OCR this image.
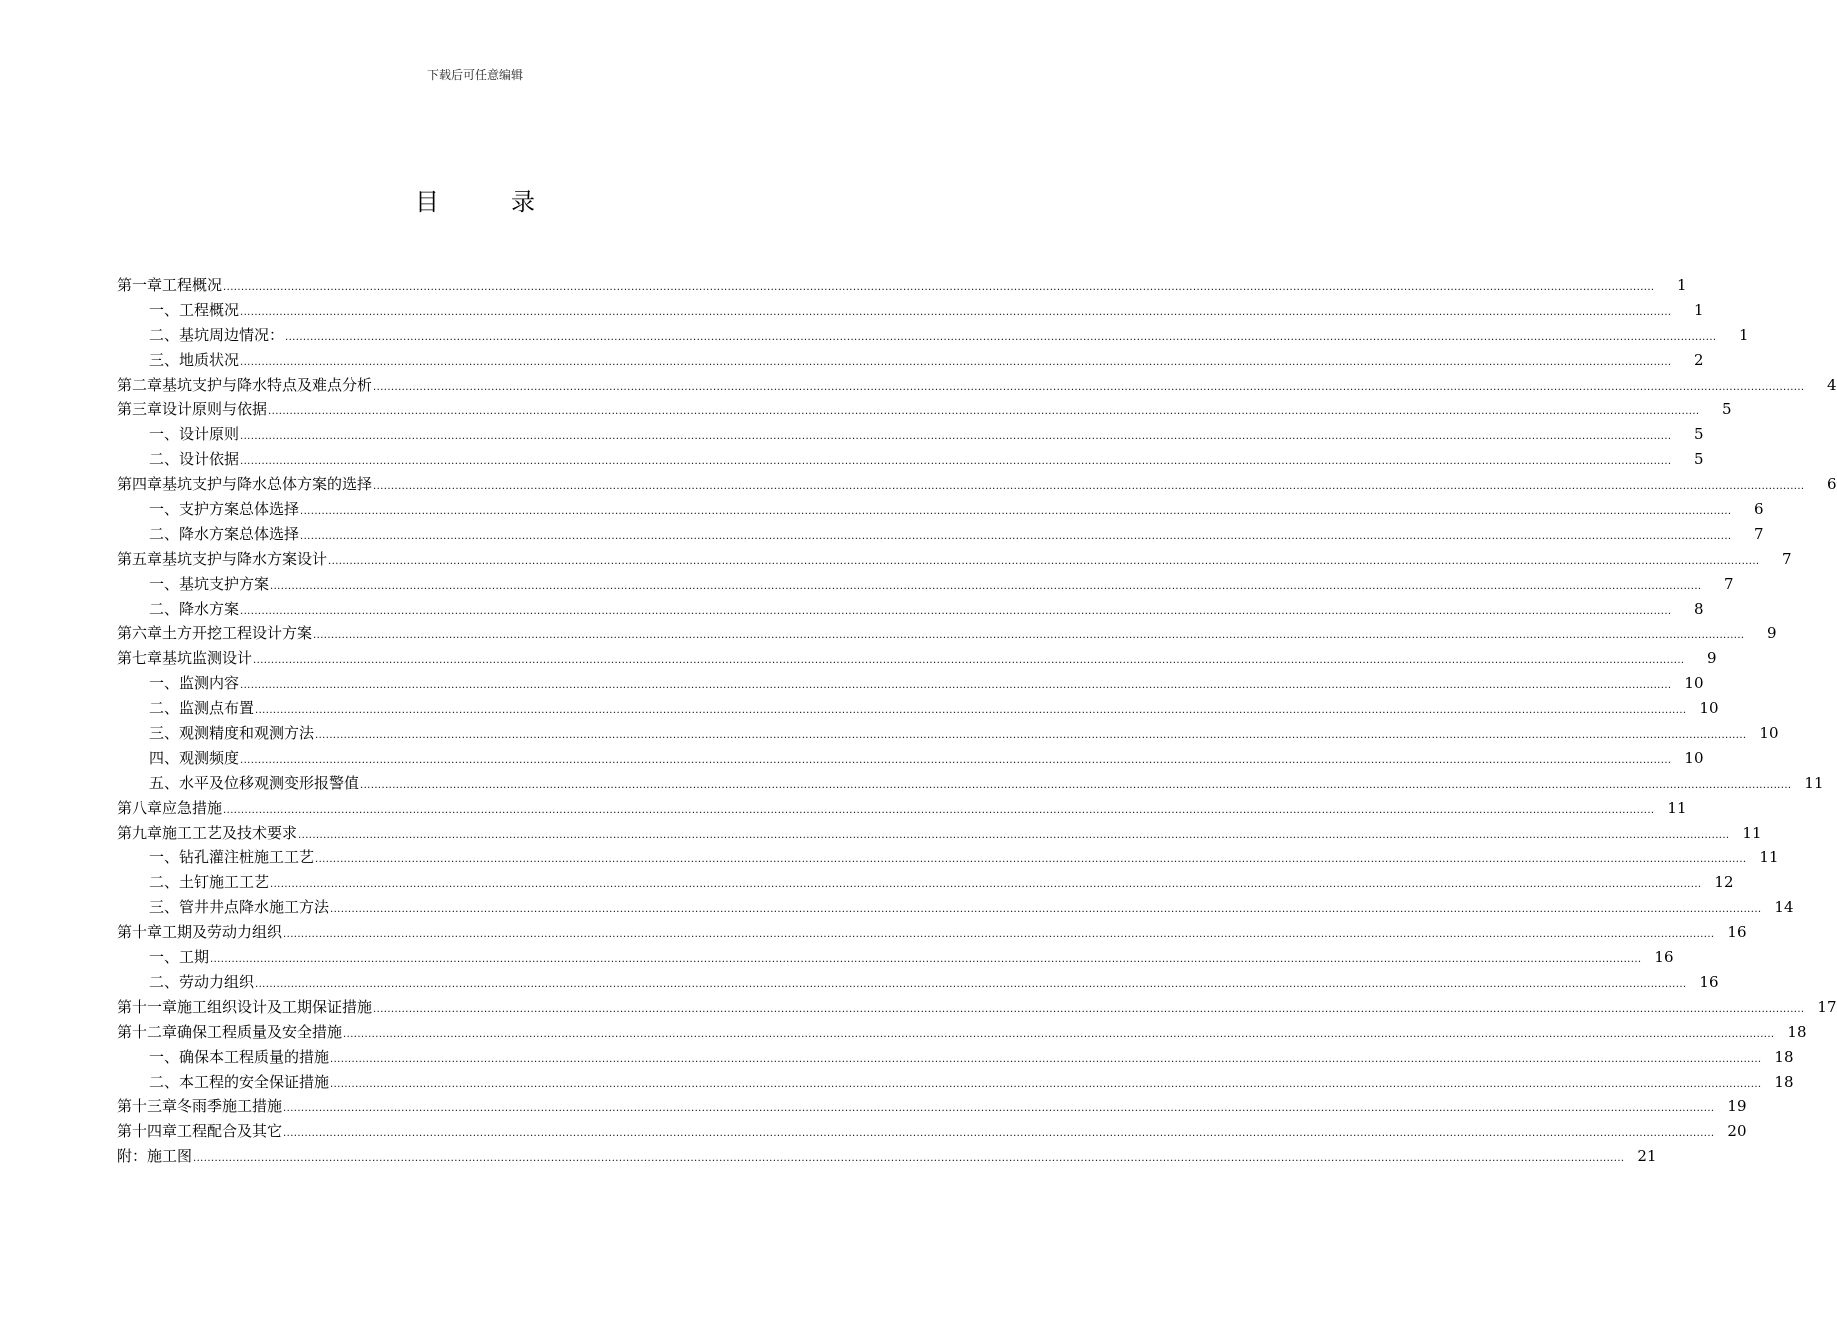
下载后可任意编辑
目	录
第一章 工程概况 ................................................................................................................................................................................................................................................................................................................................................................................................................	1
一、工程概况 ................................................................................................................................................................................................................................................................................................................................................................................................................	1
二、基坑周边情况： ................................................................................................................................................................................................................................................................................................................................................................................................................	1
三、地质状况 ................................................................................................................................................................................................................................................................................................................................................................................................................	2
第二章 基坑支护与降水特点及难点分析 ................................................................................................................................................................................................................................................................................................................................................................................................................	4
第三章 设计原则与依据 ................................................................................................................................................................................................................................................................................................................................................................................................................	5
一、设计原则 ................................................................................................................................................................................................................................................................................................................................................................................................................	5
二、设计依据 ................................................................................................................................................................................................................................................................................................................................................................................................................	5
第四章 基坑支护与降水总体方案的选择 ................................................................................................................................................................................................................................................................................................................................................................................................................	6
一、支护方案总体选择 ................................................................................................................................................................................................................................................................................................................................................................................................................	6
二、降水方案总体选择 ................................................................................................................................................................................................................................................................................................................................................................................................................	7
第五章 基坑支护与降水方案设计 ................................................................................................................................................................................................................................................................................................................................................................................................................	7
一、基坑支护方案 ................................................................................................................................................................................................................................................................................................................................................................................................................	7
二、降水方案 ................................................................................................................................................................................................................................................................................................................................................................................................................	8
第六章 土方开挖工程设计方案 ................................................................................................................................................................................................................................................................................................................................................................................................................	9
第七章 基坑监测设计 ................................................................................................................................................................................................................................................................................................................................................................................................................	9
一、监测内容 ................................................................................................................................................................................................................................................................................................................................................................................................................ 10
二、监测点布置 ................................................................................................................................................................................................................................................................................................................................................................................................................ 10
三、观测精度和观测方法 ................................................................................................................................................................................................................................................................................................................................................................................................................ 10
四、观测频度 ................................................................................................................................................................................................................................................................................................................................................................................................................ 10
五、水平及位移观测变形报警值 ................................................................................................................................................................................................................................................................................................................................................................................................................ 11
第八章 应急措施 ................................................................................................................................................................................................................................................................................................................................................................................................................ 11
第九章 施工工艺及技术要求 ................................................................................................................................................................................................................................................................................................................................................................................................................ 11
一、钻孔灌注桩施工工艺 ................................................................................................................................................................................................................................................................................................................................................................................................................ 11
二、土钉施工工艺 ................................................................................................................................................................................................................................................................................................................................................................................................................ 12
三、管井井点降水施工方法 ................................................................................................................................................................................................................................................................................................................................................................................................................ 14
第十章 工期及劳动力组织 ................................................................................................................................................................................................................................................................................................................................................................................................................ 16
一、工期 ................................................................................................................................................................................................................................................................................................................................................................................................................ 16
二、劳动力组织 ................................................................................................................................................................................................................................................................................................................................................................................................................ 16
第十一章 施工组织设计及工期保证措施 ................................................................................................................................................................................................................................................................................................................................................................................................................ 17
第十二章 确保工程质量及安全措施 ................................................................................................................................................................................................................................................................................................................................................................................................................ 18
一、确保本工程质量的措施 ................................................................................................................................................................................................................................................................................................................................................................................................................ 18
二、本工程的安全保证措施 ................................................................................................................................................................................................................................................................................................................................................................................................................ 18
第十三章 冬雨季施工措施 ................................................................................................................................................................................................................................................................................................................................................................................................................ 19
第十四章 工程配合及其它 ................................................................................................................................................................................................................................................................................................................................................................................................................ 20
附：施工图 ................................................................................................................................................................................................................................................................................................................................................................................................................ 21
